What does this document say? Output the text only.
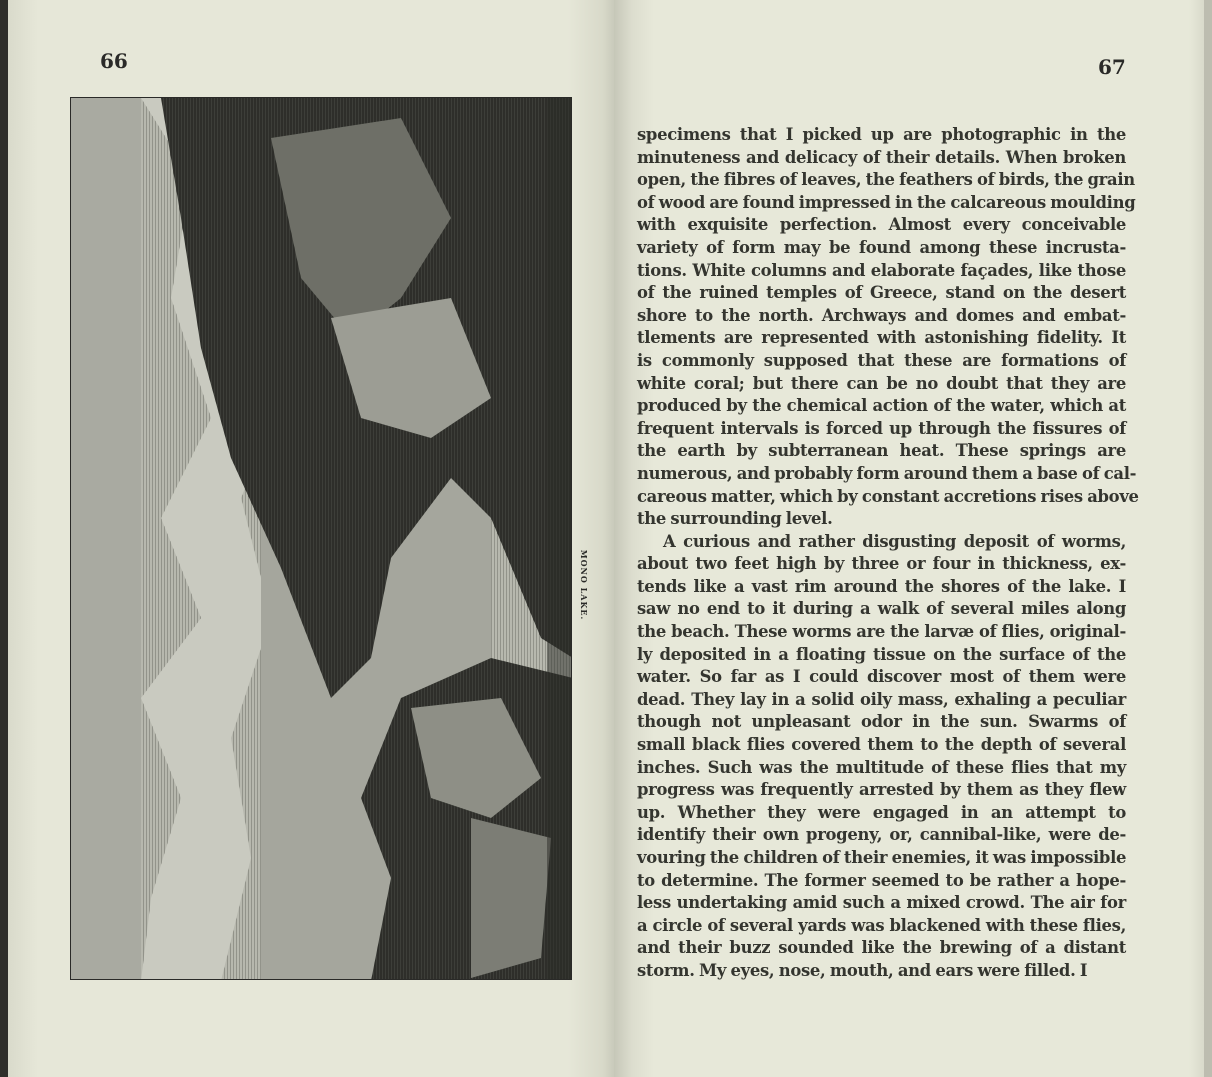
66
MONO LAKE.
67
specimens that I picked up are photographic in the
minuteness and delicacy of their details. When broken
open, the fibres of leaves, the feathers of birds, the grain
of wood are found impressed in the calcareous moulding
with exquisite perfection. Almost every conceivable
variety of form may be found among these incrusta-
tions. White columns and elaborate façades, like those
of the ruined temples of Greece, stand on the desert
shore to the north. Archways and domes and embat-
tlements are represented with astonishing fidelity. It
is commonly supposed that these are formations of
white coral; but there can be no doubt that they are
produced by the chemical action of the water, which at
frequent intervals is forced up through the fissures of
the earth by subterranean heat. These springs are
numerous, and probably form around them a base of cal-
careous matter, which by constant accretions rises above
the surrounding level.
A curious and rather disgusting deposit of worms,
about two feet high by three or four in thickness, ex-
tends like a vast rim around the shores of the lake. I
saw no end to it during a walk of several miles along
the beach. These worms are the larvæ of flies, original-
ly deposited in a floating tissue on the surface of the
water. So far as I could discover most of them were
dead. They lay in a solid oily mass, exhaling a peculiar
though not unpleasant odor in the sun. Swarms of
small black flies covered them to the depth of several
inches. Such was the multitude of these flies that my
progress was frequently arrested by them as they flew
up. Whether they were engaged in an attempt to
identify their own progeny, or, cannibal-like, were de-
vouring the children of their enemies, it was impossible
to determine. The former seemed to be rather a hope-
less undertaking amid such a mixed crowd. The air for
a circle of several yards was blackened with these flies,
and their buzz sounded like the brewing of a distant
storm. My eyes, nose, mouth, and ears were filled. I
